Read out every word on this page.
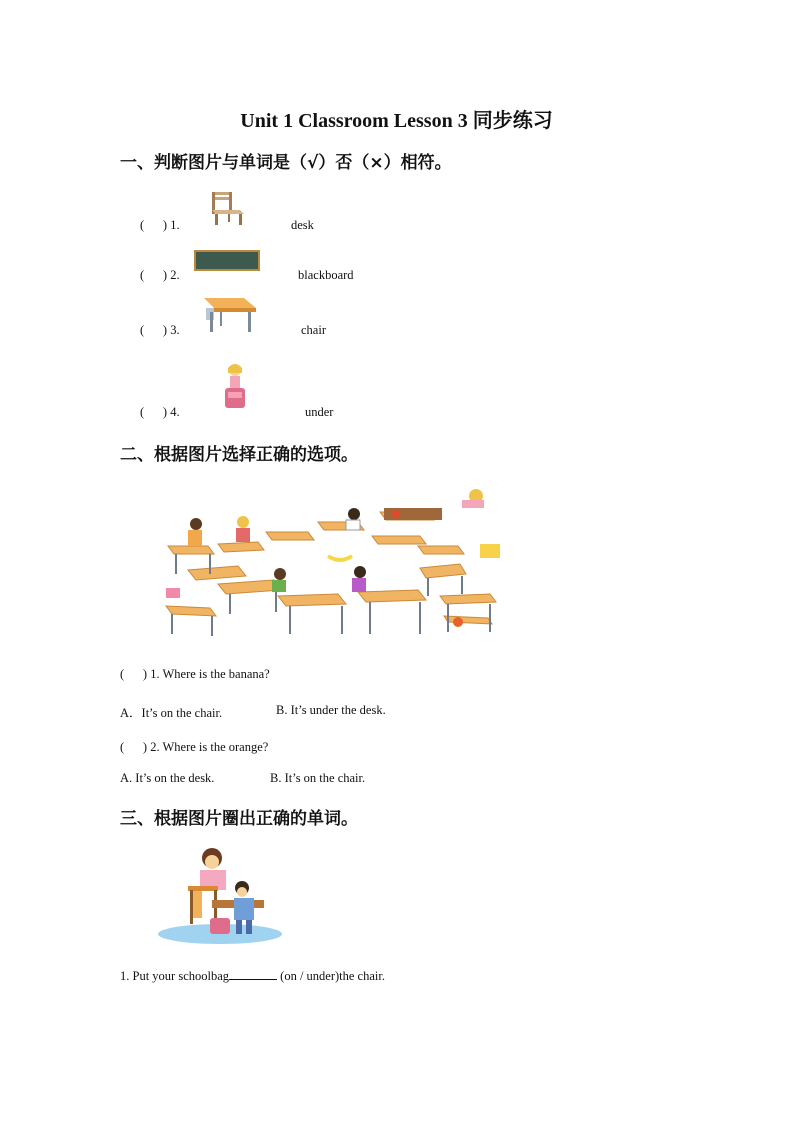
Unit 1 Classroom Lesson 3 同步练习
一、判断图片与单词是（√）否（×）相符。
(      ) 1.	desk
(      ) 2.	blackboard
(      ) 3.	chair
(      ) 4.	under
二、根据图片选择正确的选项。
(      ) 1. Where is the banana?
A．It’s on the chair.	B. It’s under the desk.
(      ) 2. Where is the orange?
A. It’s on the desk.	B. It’s on the chair.
三、根据图片圈出正确的单词。
1. Put your schoolbag	(on / under)the chair.
